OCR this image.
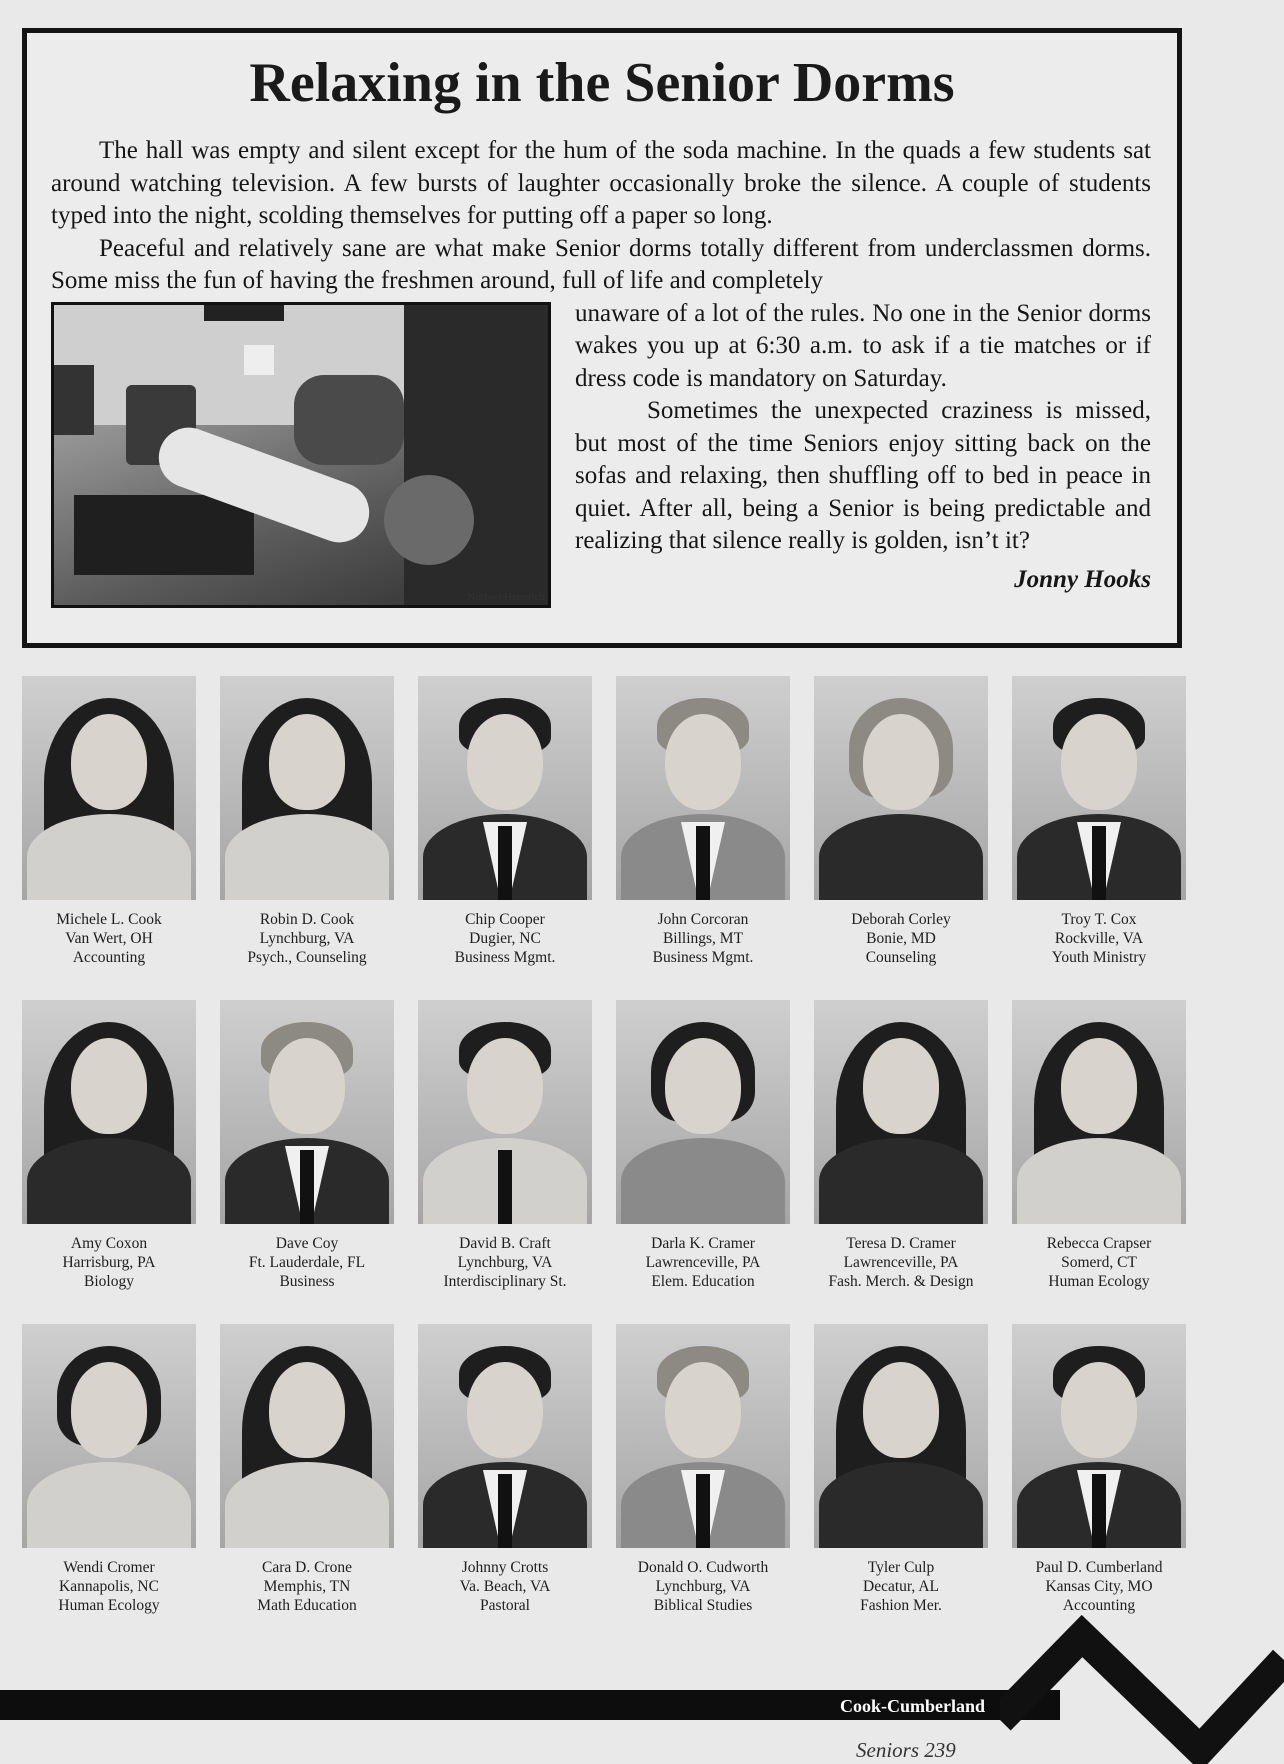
Relaxing in the Senior Dorms

The hall was empty and silent except for the hum of the soda machine. In the quads a few students sat around watching television. A few bursts of laughter occasionally broke the silence. A couple of students typed into the night, scolding themselves for putting off a paper so long.

Peaceful and relatively sane are what make Senior dorms totally different from underclassmen dorms. Some miss the fun of having the freshmen around, full of life and completely

Norbert Hennrich

unaware of a lot of the rules. No one in the Senior dorms wakes you up at 6:30 a.m. to ask if a tie matches or if dress code is mandatory on Saturday.

Sometimes the unexpected craziness is missed, but most of the time Seniors enjoy sitting back on the sofas and relaxing, then shuffling off to bed in peace in quiet. After all, being a Senior is being predictable and realizing that silence really is golden, isn’t it?

Jonny Hooks
Michele L. Cook
Van Wert, OH
Accounting
Robin D. Cook
Lynchburg, VA
Psych., Counseling
Chip Cooper
Dugier, NC
Business Mgmt.
John Corcoran
Billings, MT
Business Mgmt.
Deborah Corley
Bonie, MD
Counseling
Troy T. Cox
Rockville, VA
Youth Ministry
Amy Coxon
Harrisburg, PA
Biology
Dave Coy
Ft. Lauderdale, FL
Business
David B. Craft
Lynchburg, VA
Interdisciplinary St.
Darla K. Cramer
Lawrenceville, PA
Elem. Education
Teresa D. Cramer
Lawrenceville, PA
Fash. Merch. & Design
Rebecca Crapser
Somerd, CT
Human Ecology
Wendi Cromer
Kannapolis, NC
Human Ecology
Cara D. Crone
Memphis, TN
Math Education
Johnny Crotts
Va. Beach, VA
Pastoral
Donald O. Cudworth
Lynchburg, VA
Biblical Studies
Tyler Culp
Decatur, AL
Fashion Mer.
Paul D. Cumberland
Kansas City, MO
Accounting
Cook-Cumberland
Seniors 239
